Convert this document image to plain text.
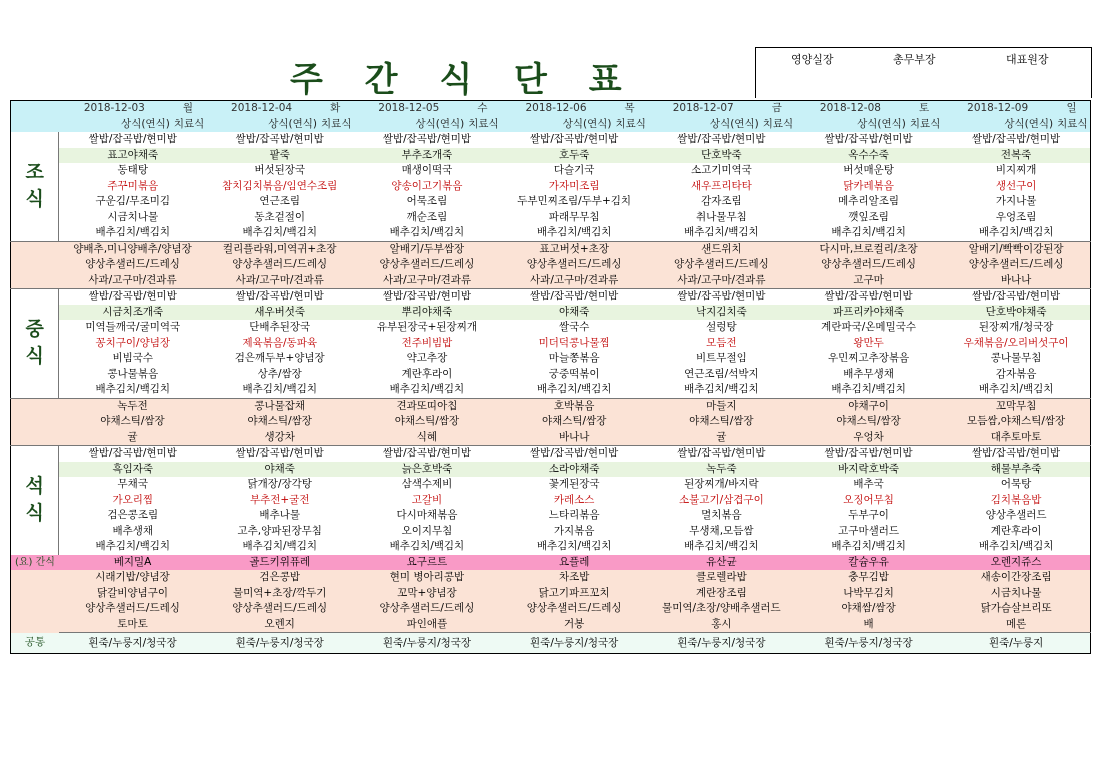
주 간 식 단 표
영양실장	총무부장	대표원장
	2018-12-03	월	2018-12-04	화	2018-12-05	수	2018-12-06	목	2018-12-07	금	2018-12-08	토	2018-12-09	일
	상식(연식)	치료식	상식(연식)	치료식	상식(연식)	치료식	상식(연식)	치료식	상식(연식)	치료식	상식(연식)	치료식	상식(연식)	치료식
조
식	쌀밥/잡곡밥/현미밥		쌀밥/잡곡밥/현미밥		쌀밥/잡곡밥/현미밥		쌀밥/잡곡밥/현미밥		쌀밥/잡곡밥/현미밥		쌀밥/잡곡밥/현미밥		쌀밥/잡곡밥/현미밥	
	표고야채죽		팥죽		부추조개죽		호두죽		단호박죽		옥수수죽		전복죽	
	동태탕		버섯된장국		매생이떡국		다슬기국		소고기미역국		버섯매운탕		비지찌개	
	주꾸미볶음		참치김치볶음/임연수조림		양송이고기볶음		가자미조림		새우프리타타		닭카레볶음		생선구이	
	구운김/무조미김		연근조림		어묵조림		두부민찌조림/두부+김치		감자조림		메추리알조림		가지나물	
	시금치나물		동초겉절이		깨순조림		파래무무침		취나물무침		깻잎조림		우엉조림	
	배추김치/백김치		배추김치/백김치		배추김치/백김치		배추김치/백김치		배추김치/백김치		배추김치/백김치		배추김치/백김치	
	양배추,미니양배추/양념장		컬리플라워,미역귀+초장		알배기/두부쌈장		표고버섯+초장		샌드위치		다시마,브로컬리/초장		알배기/빡빡이강된장	
	양상추샐러드/드레싱		양상추샐러드/드레싱		양상추샐러드/드레싱		양상추샐러드/드레싱		양상추샐러드/드레싱		양상추샐러드/드레싱		양상추샐러드/드레싱	
	사과/고구마/견과류		사과/고구마/견과류		사과/고구마/견과류		사과/고구마/견과류		사과/고구마/견과류		고구마		바나나	
중
식	쌀밥/잡곡밥/현미밥		쌀밥/잡곡밥/현미밥		쌀밥/잡곡밥/현미밥		쌀밥/잡곡밥/현미밥		쌀밥/잡곡밥/현미밥		쌀밥/잡곡밥/현미밥		쌀밥/잡곡밥/현미밥	
	시금치조개죽		새우버섯죽		뿌리야채죽		야채죽		낙지김치죽		파프리카야채죽		단호박야채죽	
	미역들깨국/굴미역국		단배추된장국		유부된장국+된장찌개		쌀국수		설렁탕		계란파국/온메밀국수		된장찌개/청국장	
	꽁치구이/양념장		제육볶음/동파육		전주비빔밥		미더덕콩나물찜		모듬전		왕만두		우채볶음/오리버섯구이	
	비빔국수		검은깨두부+양념장		약고추장		마늘쫑볶음		비트무절임		우민찌고추장볶음		콩나물무침	
	콩나물볶음		상추/쌈장		계란후라이		궁중떡볶이		연근조림/석박지		배추무생채		감자볶음	
	배추김치/백김치		배추김치/백김치		배추김치/백김치		배추김치/백김치		배추김치/백김치		배추김치/백김치		배추김치/백김치	
	녹두전		콩나물잡채		견과또띠아칩		호박볶음		마들지		야채구이		꼬막무침	
	야채스틱/쌈장		야채스틱/쌈장		야채스틱/쌈장		야채스틱/쌈장		야채스틱/쌈장		야채스틱/쌈장		모듬쌈,야채스틱/쌈장	
	귤		생강차		식혜		바나나		귤		우엉차		대추토마토	
석
식	쌀밥/잡곡밥/현미밥		쌀밥/잡곡밥/현미밥		쌀밥/잡곡밥/현미밥		쌀밥/잡곡밥/현미밥		쌀밥/잡곡밥/현미밥		쌀밥/잡곡밥/현미밥		쌀밥/잡곡밥/현미밥	
	흑임자죽		야채죽		늙은호박죽		소라야채죽		녹두죽		바지락호박죽		해물부추죽	
	무채국		닭개장/장각탕		삼색수제비		꽃게된장국		된장찌개/바지락		배추국		어묵탕	
	가오리찜		부추전+굴전		고갈비		카레소스		소불고기/삼겹구이		오징어무침		김치볶음밥	
	검은콩조림		배추나물		다시마채볶음		느타리볶음		멸치볶음		두부구이		양상추샐러드	
	배추생채		고추,양파된장무침		오이지무침		가지볶음		무생채,모듬쌈		고구마샐러드		계란후라이	
	배추김치/백김치		배추김치/백김치		배추김치/백김치		배추김치/백김치		배추김치/백김치		배추김치/백김치		배추김치/백김치	
(요) 간식	베지밀A		골드키위퓨레		요구르트		요플레		유산균		칼슘우유		오렌지쥬스	
	시래기밥/양념장		검은콩밥		현미 병아리콩밥		차조밥		클로렐라밥		충무김밥		새송이간장조림	
	닭갈비양념구이		물미역+초장/깍두기		꼬막+양념장		닭고기파프꼬치		계란장조림		나박무김치		시금치나물	
	양상추샐러드/드레싱		양상추샐러드/드레싱		양상추샐러드/드레싱		양상추샐러드/드레싱		물미역/초장/양배추샐러드		야채쌈/쌈장		닭가슴살브리또	
	토마토		오렌지		파인애플		거봉		홍시		배		메론	
공통	흰죽/누룽지/청국장		흰죽/누룽지/청국장		흰죽/누룽지/청국장		흰죽/누룽지/청국장		흰죽/누룽지/청국장		흰죽/누룽지/청국장		흰죽/누룽지	
